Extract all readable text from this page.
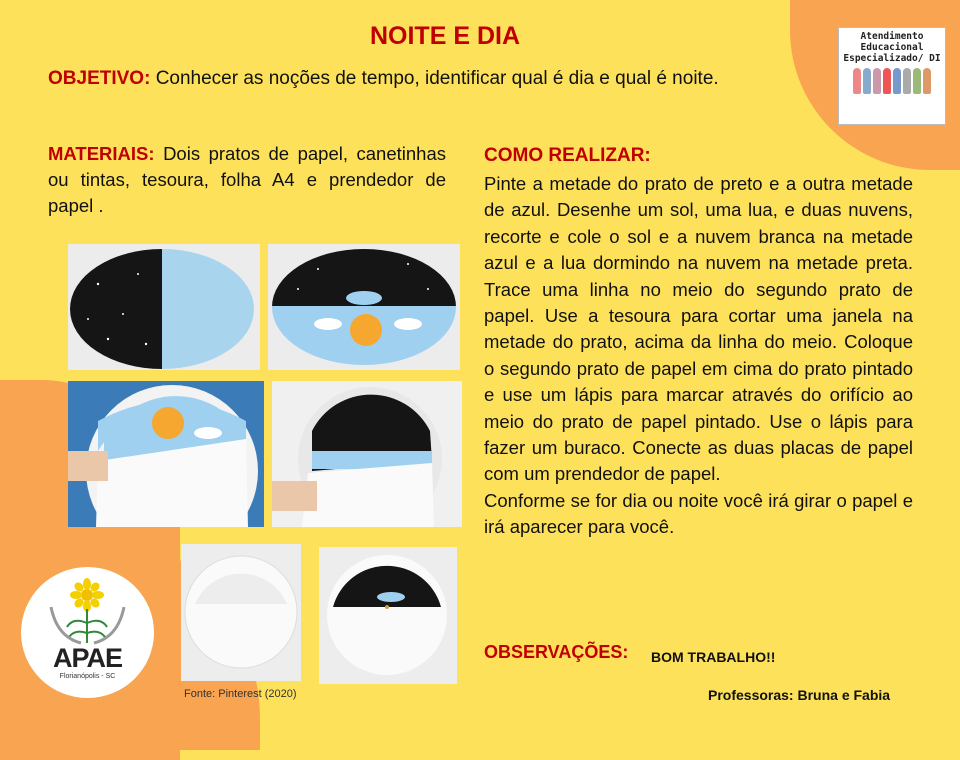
Atendimento
Educacional
Especializado/ DI
NOITE E DIA
OBJETIVO: Conhecer as noções de tempo, identificar qual é dia e qual é noite.
MATERIAIS: Dois pratos de papel, canetinhas ou tintas, tesoura, folha A4 e prendedor de papel .
COMO REALIZAR:
Pinte a metade do prato de preto e a outra metade de azul. Desenhe um sol, uma lua, e duas nuvens, recorte e cole o sol e a nuvem branca na metade azul e a lua dormindo na nuvem na metade preta. Trace uma linha no meio do segundo prato de papel. Use a tesoura para cortar uma janela na metade do prato, acima da linha do meio. Coloque o segundo prato de papel em cima do prato pintado e use um lápis para marcar através do orifício ao meio do prato de papel pintado. Use o lápis para fazer um buraco. Conecte as duas placas de papel com um prendedor de papel.
Conforme se for dia ou noite você irá girar o papel e irá aparecer para você.
OBSERVAÇÕES: BOM TRABALHO!!
Professoras: Bruna e Fabia
Fonte: Pinterest (2020)
APAE
Florianópolis - SC
